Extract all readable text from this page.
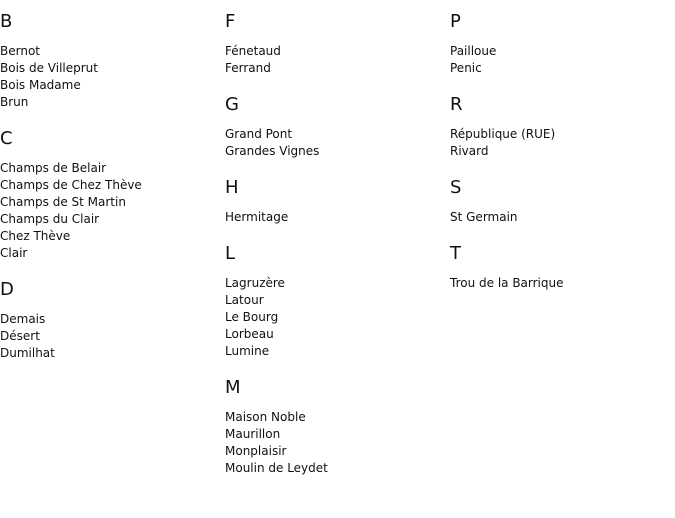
B
Bernot
Bois de Villeprut
Bois Madame
Brun
C
Champs de Belair
Champs de Chez Thève
Champs de St Martin
Champs du Clair
Chez Thève
Clair
D
Demais
Désert
Dumilhat
F
Fénetaud
Ferrand
G
Grand Pont
Grandes Vignes
H
Hermitage
L
Lagruzère
Latour
Le Bourg
Lorbeau
Lumine
M
Maison Noble
Maurillon
Monplaisir
Moulin de Leydet
P
Pailloue
Penic
R
République (RUE)
Rivard
S
St Germain
T
Trou de la Barrique
